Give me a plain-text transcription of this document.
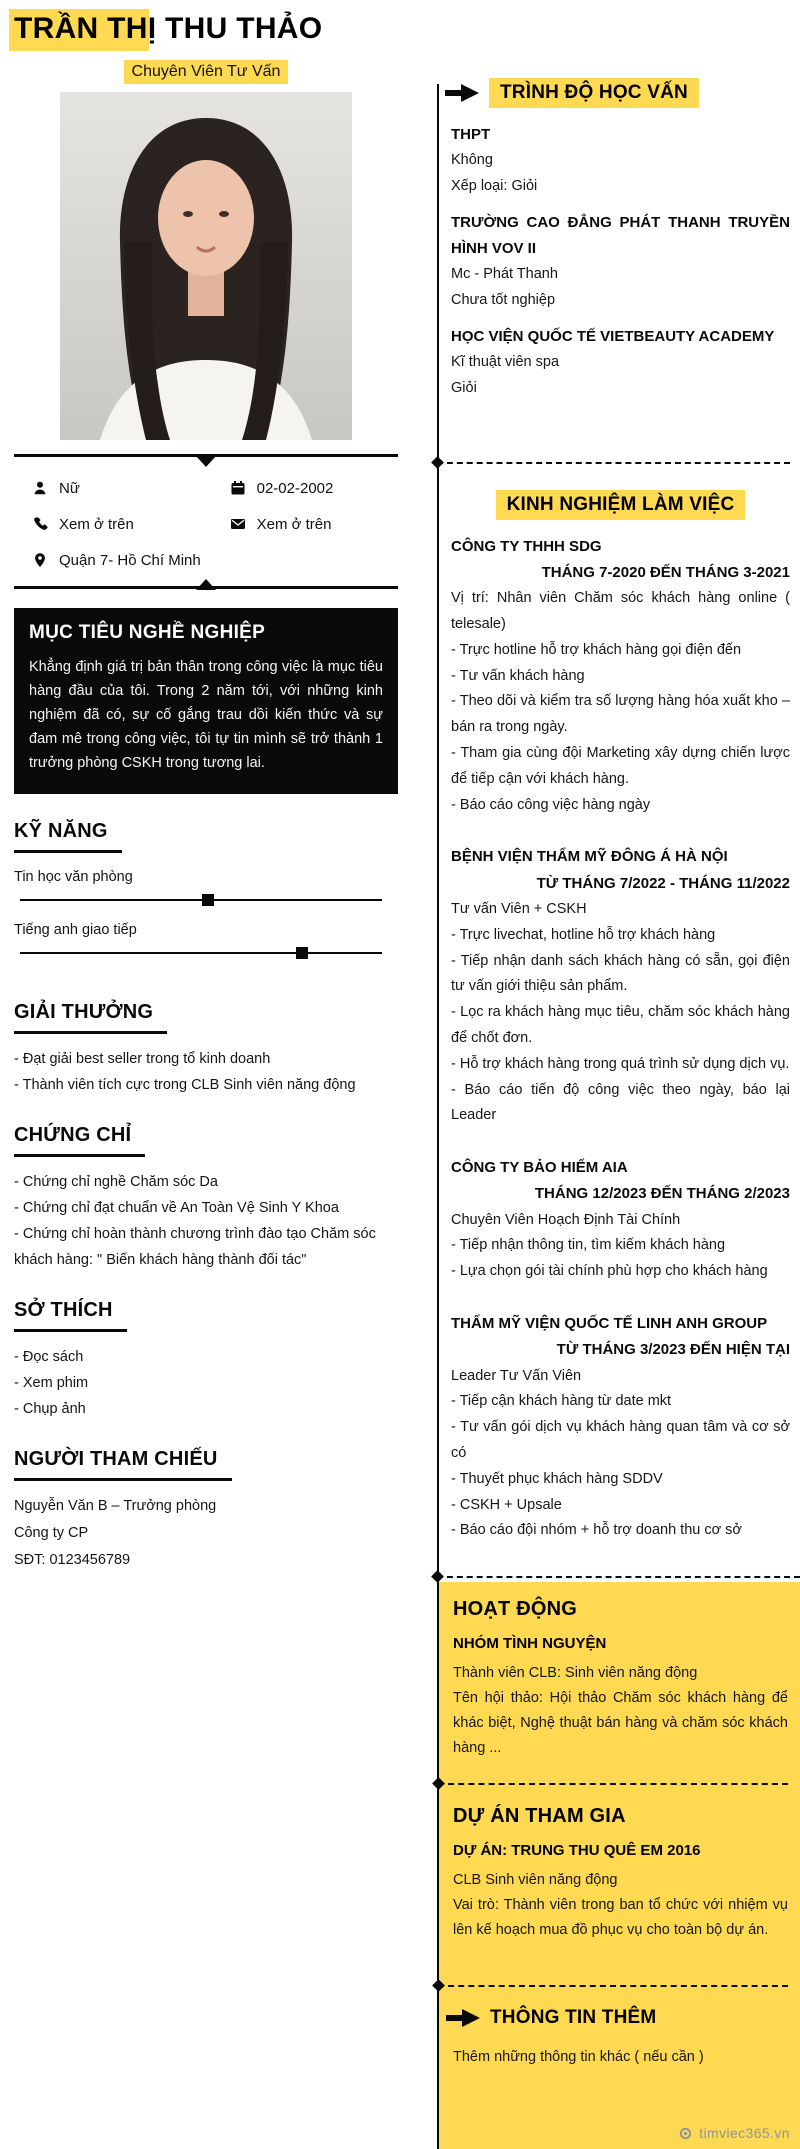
TRẦN THỊ THU THẢO
Chuyên Viên Tư Vấn
Nữ	02-02-2002
Xem ở trên	Xem ở trên
Quận 7- Hồ Chí Minh
MỤC TIÊU NGHỀ NGHIỆP

Khẳng định giá trị bản thân trong công việc là mục tiêu hàng đầu của tôi. Trong 2 năm tới, với những kinh nghiệm đã có, sự cố gắng trau dồi kiến thức và sự đam mê trong công việc, tôi tự tin mình sẽ trở thành 1 trưởng phòng CSKH trong tương lai.

KỸ NĂNG
Tin học văn phòng
Tiếng anh giao tiếp
GIẢI THƯỞNG
- Đạt giải best seller trong tổ kinh doanh
- Thành viên tích cực trong CLB Sinh viên năng động
CHỨNG CHỈ
- Chứng chỉ nghề Chăm sóc Da
- Chứng chỉ đạt chuẩn về An Toàn Vệ Sinh Y Khoa
- Chứng chỉ hoàn thành chương trình đào tạo Chăm sóc khách hàng: " Biến khách hàng thành đối tác"
SỞ THÍCH
- Đọc sách
- Xem phim
- Chụp ảnh
NGƯỜI THAM CHIẾU
Nguyễn Văn B – Trưởng phòng
Công ty CP
SĐT: 0123456789
TRÌNH ĐỘ HỌC VẤN
THPT
Không
Xếp loại: Giỏi
TRƯỜNG CAO ĐẲNG PHÁT THANH TRUYỀN HÌNH VOV II
Mc - Phát Thanh
Chưa tốt nghiệp
HỌC VIỆN QUỐC TẾ VIETBEAUTY ACADEMY
Kĩ thuật viên spa
Giỏi
KINH NGHIỆM LÀM VIỆC
CÔNG TY THHH SDG
THÁNG 7-2020 ĐẾN THÁNG 3-2021
Vị trí: Nhân viên Chăm sóc khách hàng online ( telesale)
- Trực hotline hỗ trợ khách hàng gọi điện đến
- Tư vấn khách hàng
- Theo dõi và kiểm tra số lượng hàng hóa xuất kho – bán ra trong ngày.
- Tham gia cùng đội Marketing xây dựng chiến lược để tiếp cận với khách hàng.
- Báo cáo công việc hàng ngày
BỆNH VIỆN THẨM MỸ ĐÔNG Á HÀ NỘI
TỪ THÁNG 7/2022 - THÁNG 11/2022
Tư vấn Viên + CSKH
- Trực livechat, hotline hỗ trợ khách hàng
- Tiếp nhận danh sách khách hàng có sẵn, gọi điện tư vấn giới thiệu sản phẩm.
- Lọc ra khách hàng mục tiêu, chăm sóc khách hàng để chốt đơn.
- Hỗ trợ khách hàng trong quá trình sử dụng dịch vụ.
- Báo cáo tiến độ công việc theo ngày, báo lại Leader
CÔNG TY BẢO HIỂM AIA
THÁNG 12/2023 ĐẾN THÁNG 2/2023
Chuyên Viên Hoạch Định Tài Chính
- Tiếp nhận thông tin, tìm kiếm khách hàng
- Lựa chọn gói tài chính phù hợp cho khách hàng
THẨM MỸ VIỆN QUỐC TẾ LINH ANH GROUP
TỪ THÁNG 3/2023 ĐẾN HIỆN TẠI
Leader Tư Vấn Viên
- Tiếp cận khách hàng từ date mkt
- Tư vấn gói dịch vụ khách hàng quan tâm và cơ sở có
- Thuyết phục khách hàng SDDV
- CSKH + Upsale
- Báo cáo đội nhóm + hỗ trợ doanh thu cơ sở
HOẠT ĐỘNG
NHÓM TÌNH NGUYỆN
Thành viên CLB: Sinh viên năng động
Tên hội thảo: Hội thảo Chăm sóc khách hàng để khác biệt, Nghệ thuật bán hàng và chăm sóc khách hàng ...
DỰ ÁN THAM GIA
DỰ ÁN: TRUNG THU QUÊ EM 2016
CLB Sinh viên năng động
Vai trò: Thành viên trong ban tổ chức với nhiệm vụ lên kế hoạch mua đồ phục vụ cho toàn bộ dự án.
THÔNG TIN THÊM
Thêm những thông tin khác ( nếu cần )
timviec365.vn
